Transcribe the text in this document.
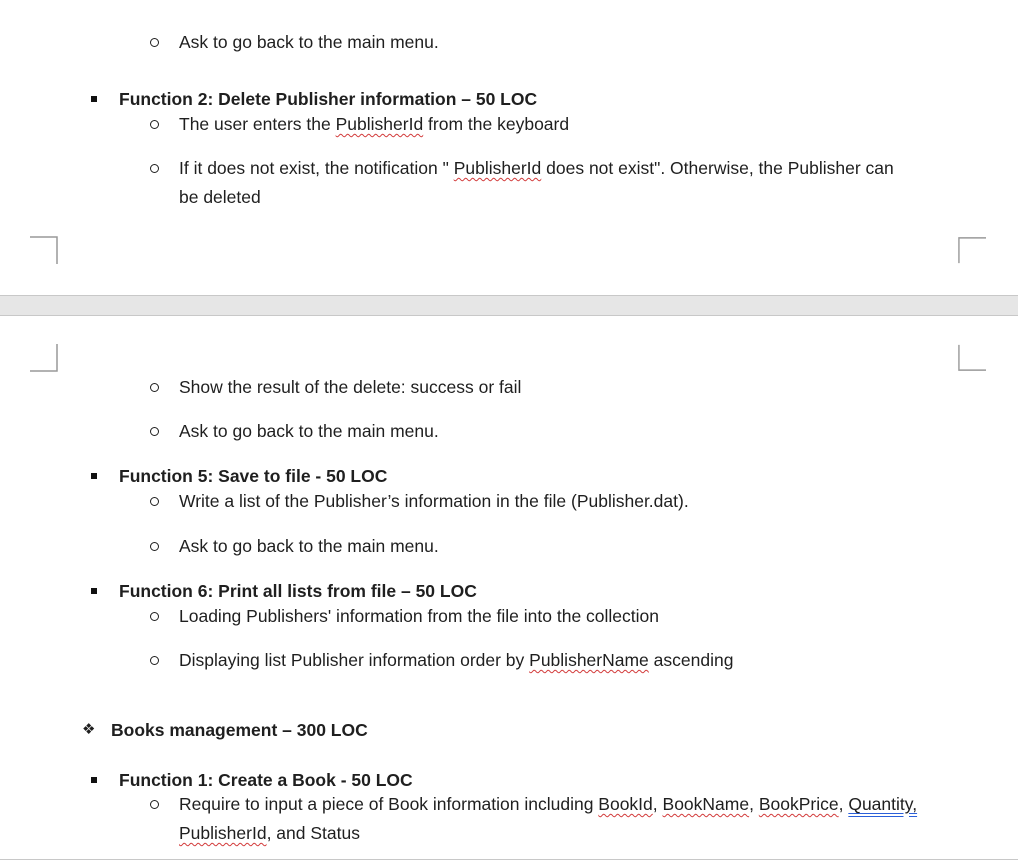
Ask to go back to the main menu.
Function 2: Delete Publisher information – 50 LOC
The user enters the PublisherId from the keyboard
If it does not exist, the notification " PublisherId does not exist". Otherwise, the Publisher can
be deleted
Show the result of the delete: success or fail
Ask to go back to the main menu.
Function 5: Save to file - 50 LOC
Write a list of the Publisher’s information in the file (Publisher.dat).
Ask to go back to the main menu.
Function 6: Print all lists from file – 50 LOC
Loading Publishers' information from the file into the collection
Displaying list Publisher information order by PublisherName ascending
❖ Books management – 300 LOC
Function 1: Create a Book - 50 LOC
Require to input a piece of Book information including BookId, BookName, BookPrice, Quantity,
PublisherId, and Status
